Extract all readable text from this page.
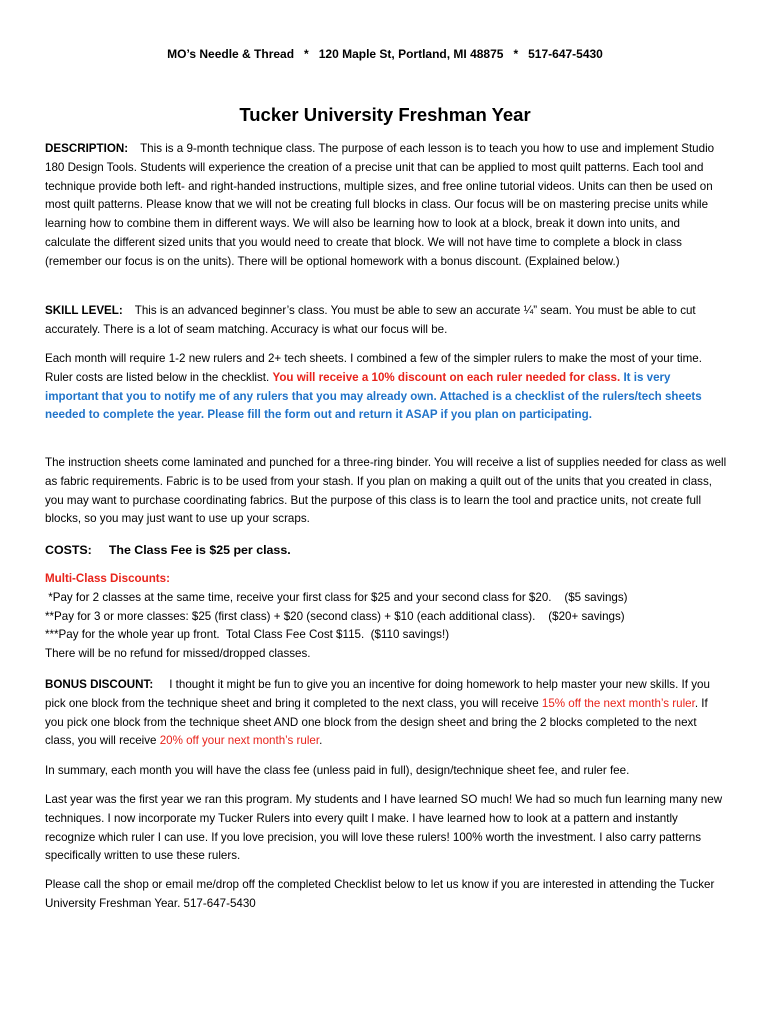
MO’s Needle & Thread   *   120 Maple St, Portland, MI 48875   *   517-647-5430
Tucker University Freshman Year

DESCRIPTION: This is a 9-month technique class. The purpose of each lesson is to teach you how to use and implement Studio 180 Design Tools. Students will experience the creation of a precise unit that can be applied to most quilt patterns. Each tool and technique provide both left- and right-handed instructions, multiple sizes, and free online tutorial videos. Units can then be used on most quilt patterns. Please know that we will not be creating full blocks in class. Our focus will be on mastering precise units while learning how to combine them in different ways. We will also be learning how to look at a block, break it down into units, and calculate the different sized units that you would need to create that block. We will not have time to complete a block in class (remember our focus is on the units). There will be optional homework with a bonus discount. (Explained below.)

SKILL LEVEL: This is an advanced beginner’s class. You must be able to sew an accurate ¼” seam. You must be able to cut accurately. There is a lot of seam matching. Accuracy is what our focus will be.

Each month will require 1-2 new rulers and 2+ tech sheets. I combined a few of the simpler rulers to make the most of your time. Ruler costs are listed below in the checklist. You will receive a 10% discount on each ruler needed for class. It is very important that you to notify me of any rulers that you may already own. Attached is a checklist of the rulers/tech sheets needed to complete the year. Please fill the form out and return it ASAP if you plan on participating.

The instruction sheets come laminated and punched for a three-ring binder. You will receive a list of supplies needed for class as well as fabric requirements. Fabric is to be used from your stash. If you plan on making a quilt out of the units that you created in class, you may want to purchase coordinating fabrics. But the purpose of this class is to learn the tool and practice units, not create full blocks, so you may just want to use up your scraps.

COSTS: The Class Fee is $25 per class.

Multi-Class Discounts:
*Pay for 2 classes at the same time, receive your first class for $25 and your second class for $20.    ($5 savings)
**Pay for 3 or more classes: $25 (first class) + $20 (second class) + $10 (each additional class).    ($20+ savings)
***Pay for the whole year up front.  Total Class Fee Cost $115.  ($110 savings!)
There will be no refund for missed/dropped classes.

BONUS DISCOUNT: I thought it might be fun to give you an incentive for doing homework to help master your new skills. If you pick one block from the technique sheet and bring it completed to the next class, you will receive 15% off the next month’s ruler. If you pick one block from the technique sheet AND one block from the design sheet and bring the 2 blocks completed to the next class, you will receive 20% off your next month’s ruler.

In summary, each month you will have the class fee (unless paid in full), design/technique sheet fee, and ruler fee.

Last year was the first year we ran this program. My students and I have learned SO much! We had so much fun learning many new techniques. I now incorporate my Tucker Rulers into every quilt I make. I have learned how to look at a pattern and instantly recognize which ruler I can use. If you love precision, you will love these rulers! 100% worth the investment. I also carry patterns specifically written to use these rulers.

Please call the shop or email me/drop off the completed Checklist below to let us know if you are interested in attending the Tucker University Freshman Year. 517-647-5430
